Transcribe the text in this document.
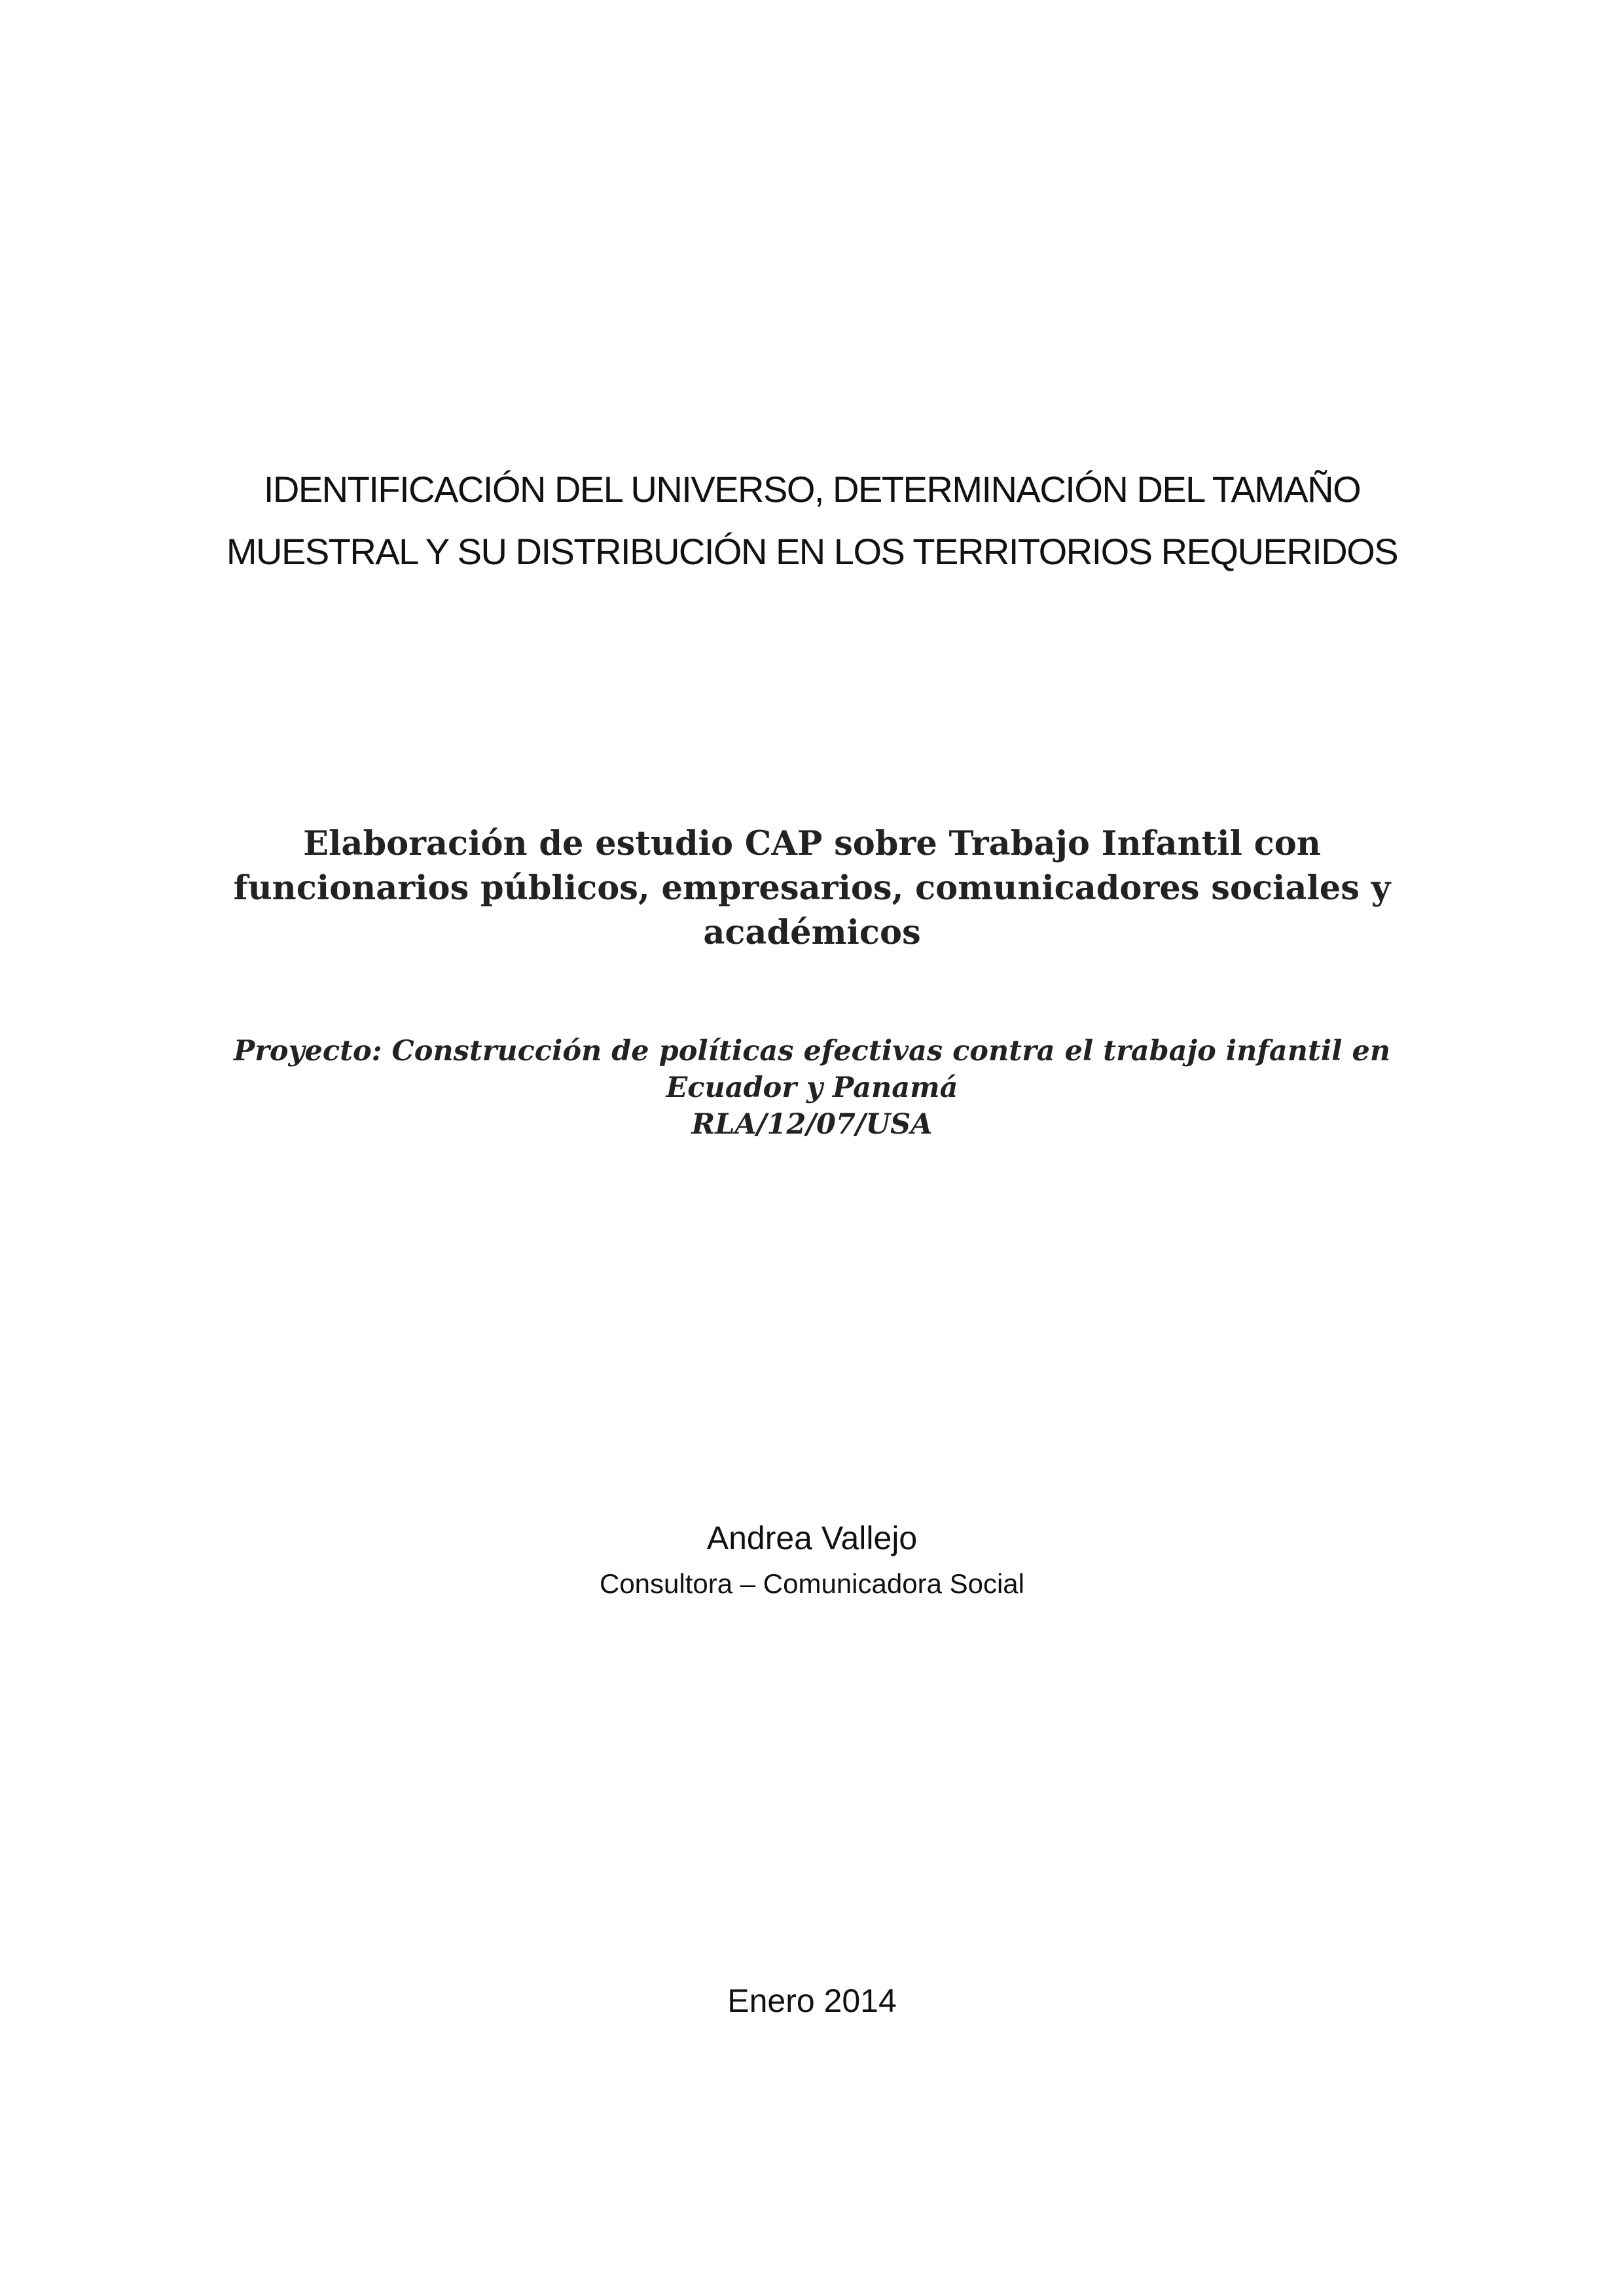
IDENTIFICACIÓN DEL UNIVERSO, DETERMINACIÓN DEL TAMAÑO
MUESTRAL Y SU DISTRIBUCIÓN EN LOS TERRITORIOS REQUERIDOS
Elaboración de estudio CAP sobre Trabajo Infantil con
funcionarios públicos, empresarios, comunicadores sociales y
académicos
Proyecto: Construcción de políticas efectivas contra el trabajo infantil en
Ecuador y Panamá
RLA/12/07/USA
Andrea Vallejo
Consultora – Comunicadora Social
Enero 2014
